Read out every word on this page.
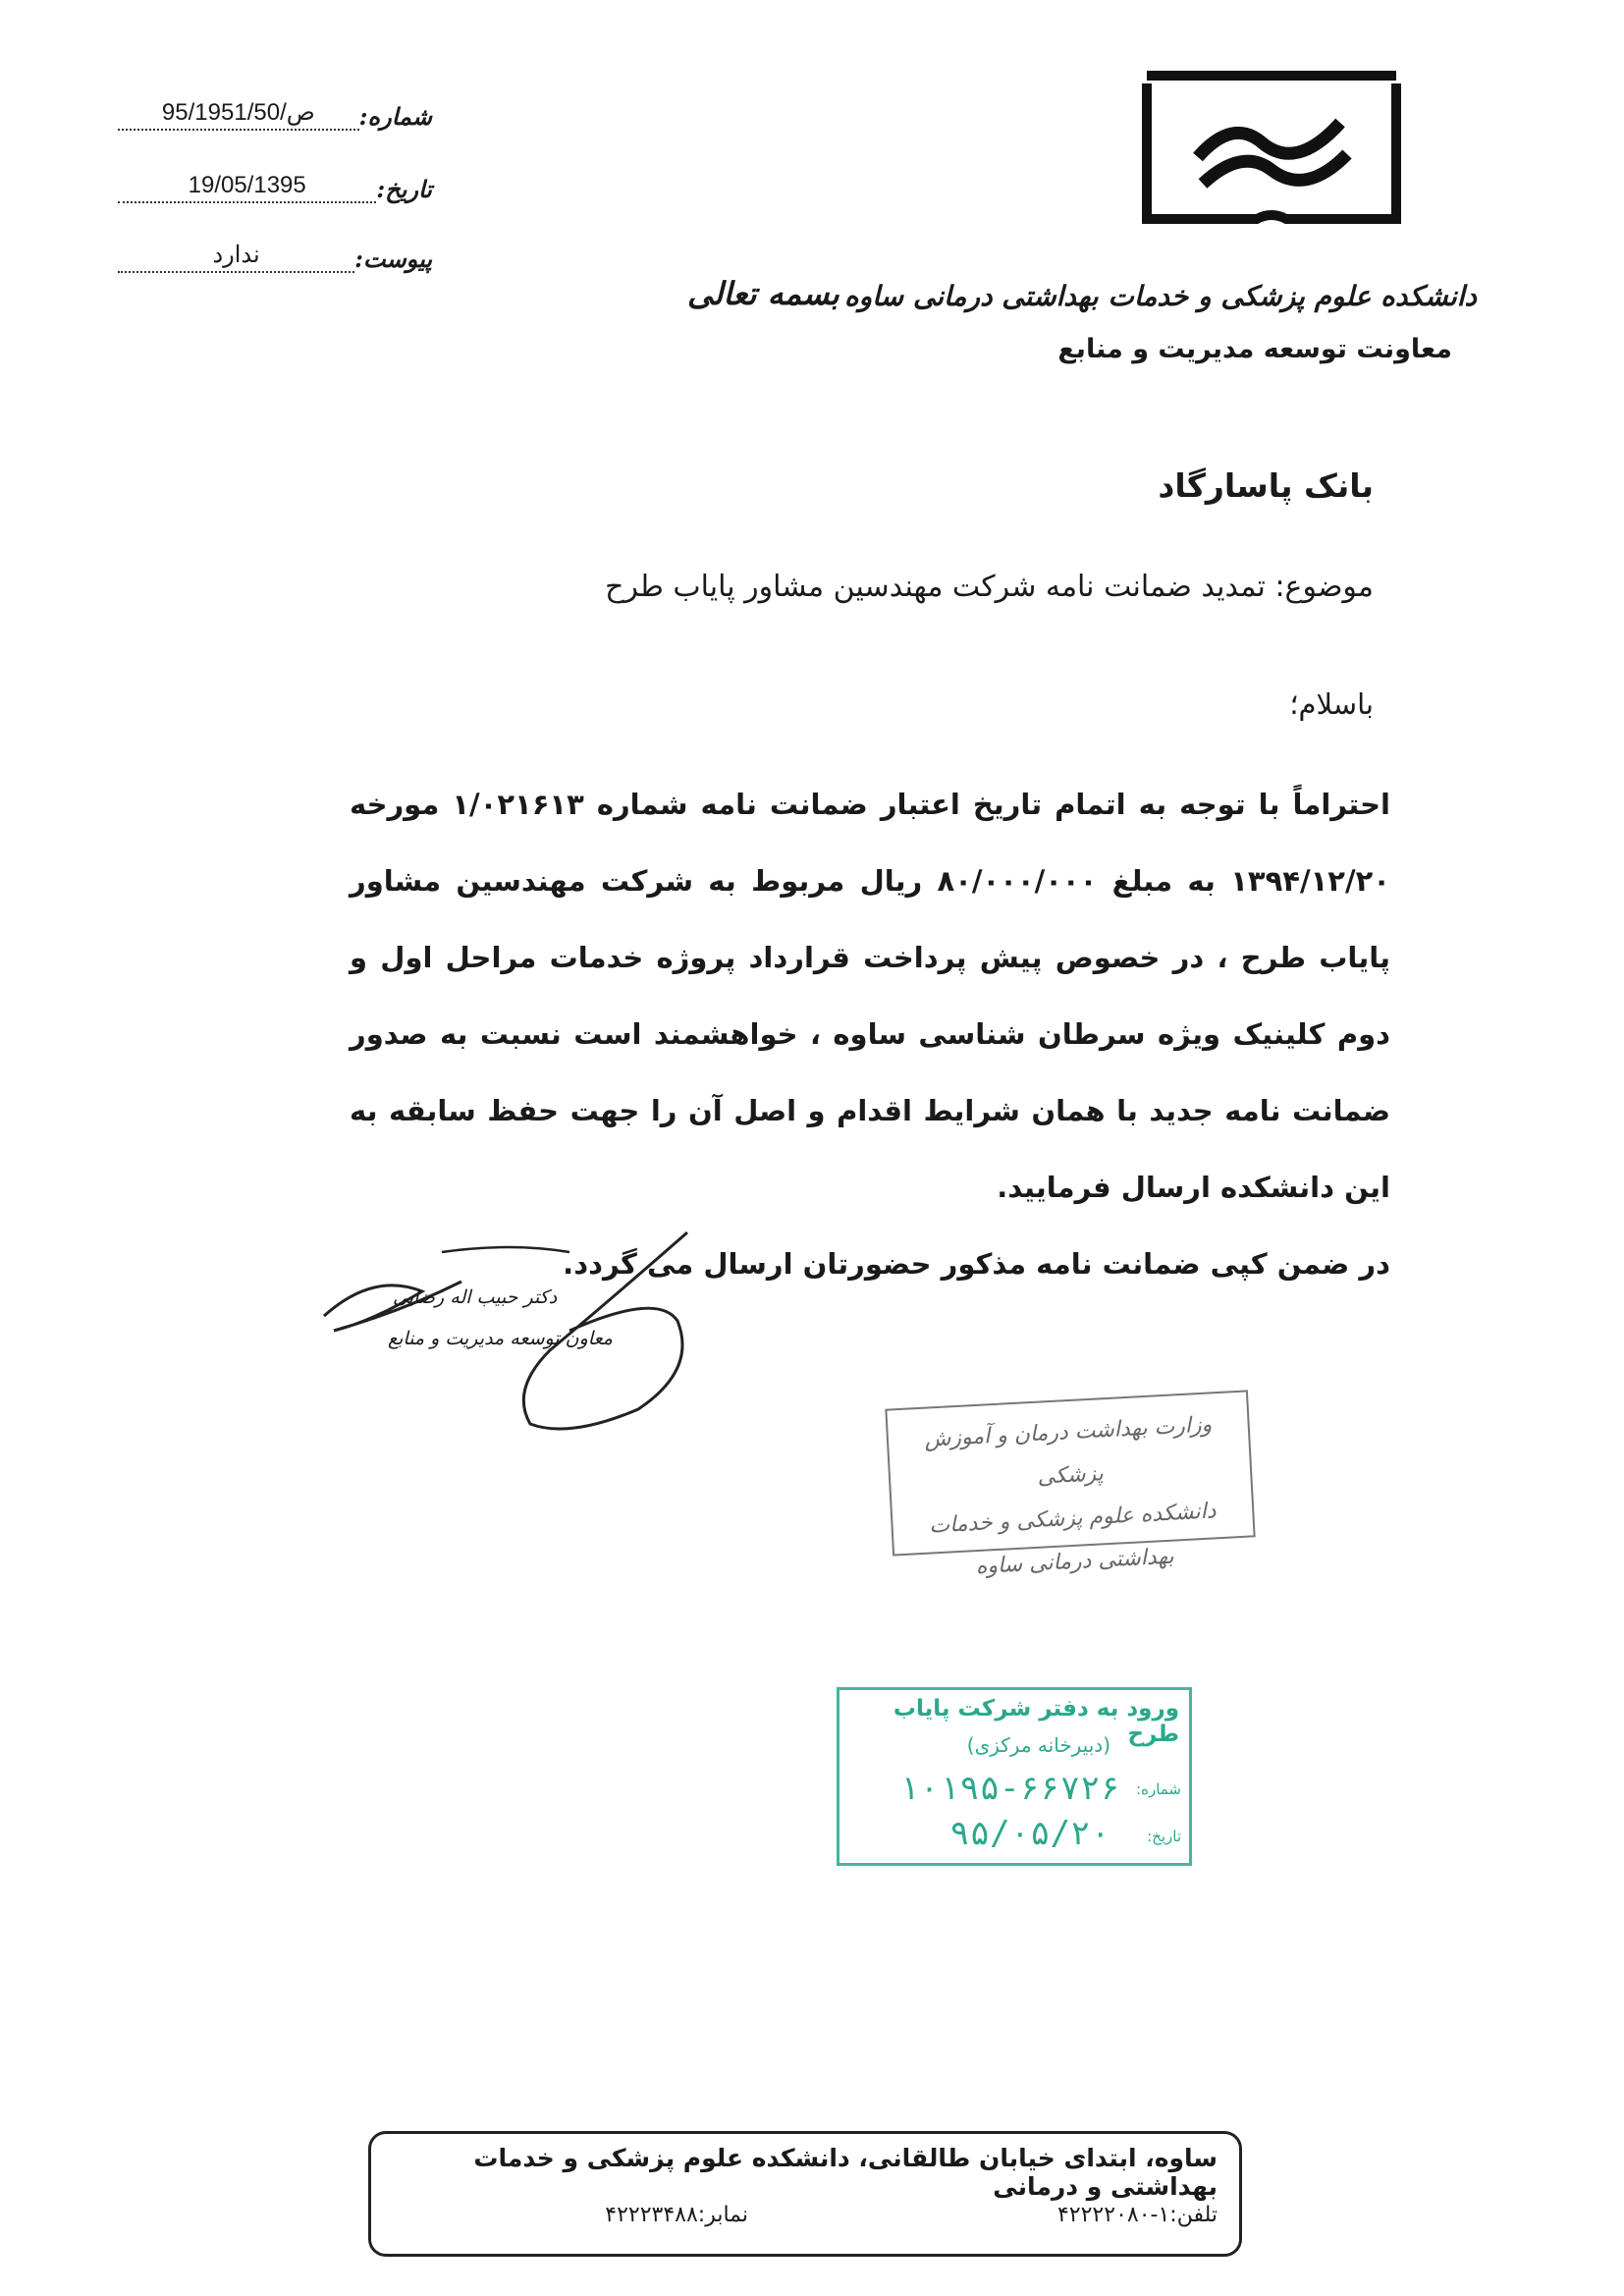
شماره:
95/ص/1951/50
تاریخ:
19/05/1395
پیوست:
ندارد
دانشکده علوم پزشکی و خدمات بهداشتی درمانی ساوه
معاونت توسعه مدیریت و منابع
بسمه تعالی
بانک پاسارگاد
موضوع: تمدید ضمانت نامه شرکت مهندسین مشاور پایاب طرح
باسلام؛

احتراماً با توجه به اتمام تاریخ اعتبار ضمانت نامه شماره ۱/۰۲۱۶۱۳ مورخه ۱۳۹۴/۱۲/۲۰ به مبلغ ۸۰/۰۰۰/۰۰۰ ریال مربوط به شرکت مهندسین مشاور پایاب طرح ، در خصوص پیش پرداخت قرارداد پروژه خدمات مراحل اول و دوم کلینیک ویژه سرطان شناسی ساوه ، خواهشمند است نسبت به صدور ضمانت نامه جدید با همان شرایط اقدام و اصل آن را جهت حفظ سابقه به این دانشکده ارسال فرمایید.

در ضمن کپی ضمانت نامه مذکور حضورتان ارسال می گردد.

دکتر حبیب اله رضایی
معاون توسعه مدیریت و منابع
وزارت بهداشت درمان و آموزش پزشکی
دانشکده علوم پزشکی و خدمات بهداشتی درمانی ساوه
ورود به دفتر شرکت پایاب طرح
(دبیرخانه مرکزی)
شماره:
۱۰۱۹۵-۶۶۷۲۶
تاریخ:
۹۵/۰۵/۲۰
ساوه، ابتدای خیابان طالقانی، دانشکده علوم پزشکی و خدمات بهداشتی و درمانی
تلفن:۱-۴۲۲۲۲۰۸۰
نمابر:۴۲۲۲۳۴۸۸
